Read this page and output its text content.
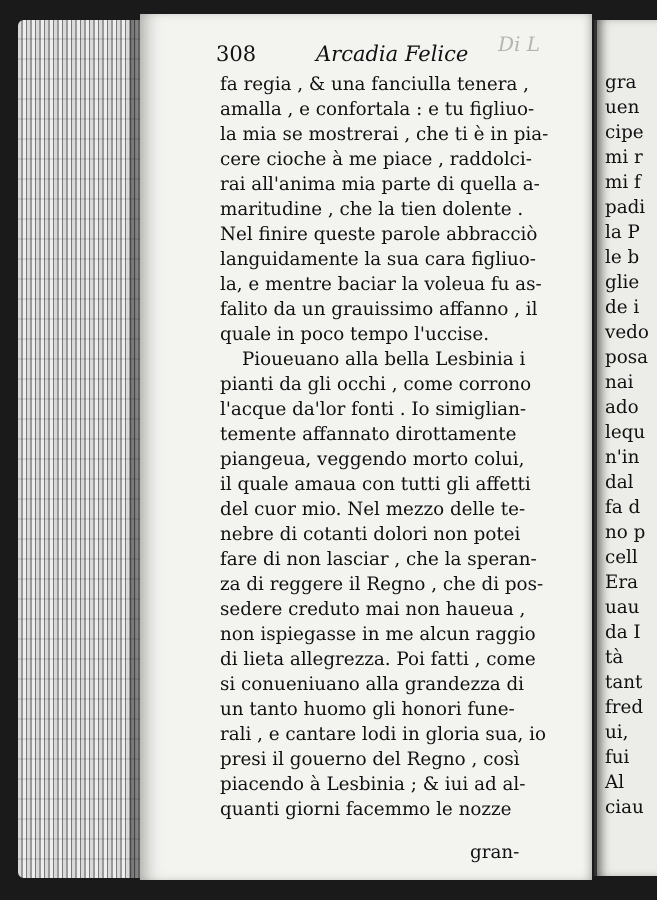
308	Arcadia Felice Di L
fa regia , & una fanciulla tenera ,
amalla , e confortala : e tu figliuo-
la mia se mostrerai , che ti è in pia-
cere cioche à me piace , raddolci-
rai all'anima mia parte di quella a-
maritudine , che la tien dolente .
Nel finire queste parole abbracciò
languidamente la sua cara figliuo-
la, e mentre baciar la voleua fu as-
falito da un grauissimo affanno , il
quale in poco tempo l'uccise.
Pioueuano alla bella Lesbinia i
pianti da gli occhi , come corrono
l'acque da'lor fonti . Io simiglian-
temente affannato dirottamente
piangeua, veggendo morto colui,
il quale amaua con tutti gli affetti
del cuor mio. Nel mezzo delle te-
nebre di cotanti dolori non potei
fare di non lasciar , che la speran-
za di reggere il Regno , che di pos-
sedere creduto mai non haueua ,
non ispiegasse in me alcun raggio
di lieta allegrezza. Poi fatti , come
si conueniuano alla grandezza di
un tanto huomo gli honori fune-
rali , e cantare lodi in gloria sua, io
presi il gouerno del Regno , così
piacendo à Lesbinia ; & iui ad al-
quanti giorni facemmo le nozze
gran-
gra
uen
cipe
mi r
mi f
padi
la P
le b
glie
de i
vedo
posa
nai
ado
lequ
n'in
dal
fa d
no p
cell
Era
uau
da I
tà
tant
fred
ui,
fui
Al
ciau
